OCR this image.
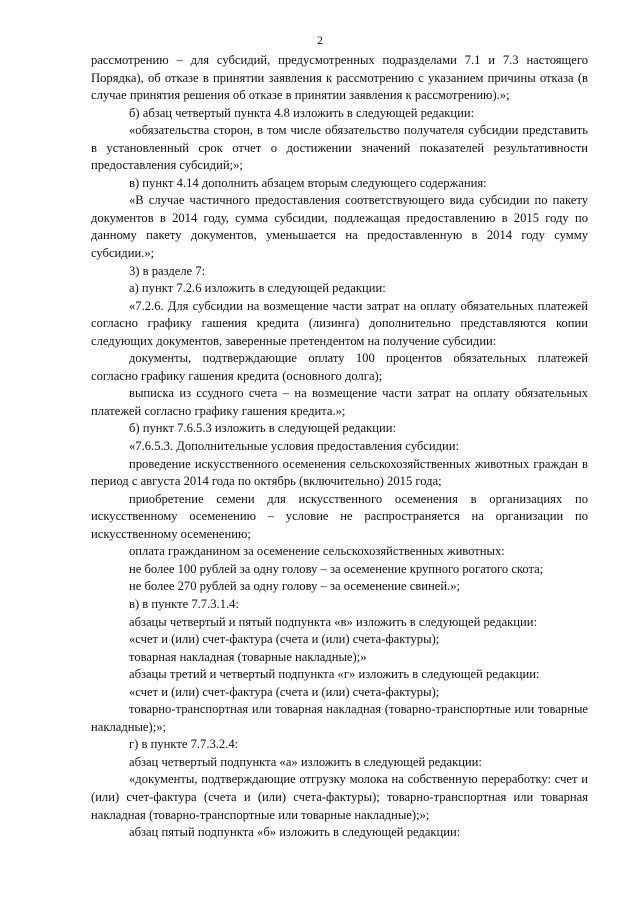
2

рассмотрению – для субсидий, предусмотренных подразделами 7.1 и 7.3 настоящего Порядка), об отказе в принятии заявления к рассмотрению с указанием причины отказа (в случае принятия решения об отказе в принятии заявления к рассмотрению).»;

б) абзац четвертый пункта 4.8 изложить в следующей редакции:

«обязательства сторон, в том числе обязательство получателя субсидии представить в установленный срок отчет о достижении значений показателей результативности предоставления субсидий;»;

в) пункт 4.14 дополнить абзацем вторым следующего содержания:

«В случае частичного предоставления соответствующего вида субсидии по пакету документов в 2014 году, сумма субсидии, подлежащая предоставлению в 2015 году по данному пакету документов, уменьшается на предоставленную в 2014 году сумму субсидии.»;

3) в разделе 7:

а) пункт 7.2.6 изложить в следующей редакции:

«7.2.6. Для субсидии на возмещение части затрат на оплату обязательных платежей согласно графику гашения кредита (лизинга) дополнительно представляются копии следующих документов, заверенные претендентом на получение субсидии:

документы, подтверждающие оплату 100 процентов обязательных платежей согласно графику гашения кредита (основного долга);

выписка из ссудного счета – на возмещение части затрат на оплату обязательных платежей согласно графику гашения кредита.»;

б) пункт 7.6.5.3 изложить в следующей редакции:

«7.6.5.3. Дополнительные условия предоставления субсидии:

проведение искусственного осеменения сельскохозяйственных животных граждан в период с августа 2014 года по октябрь (включительно) 2015 года;

приобретение семени для искусственного осеменения в организациях по искусственному осеменению – условие не распространяется на организации по искусственному осеменению;

оплата гражданином за осеменение сельскохозяйственных животных:

не более 100 рублей за одну голову – за осеменение крупного рогатого скота;

не более 270 рублей за одну голову – за осеменение свиней.»;

в) в пункте 7.7.3.1.4:

абзацы четвертый и пятый подпункта «в» изложить в следующей редакции:

«счет и (или) счет-фактура (счета и (или) счета-фактуры);

товарная накладная (товарные накладные);»

абзацы третий и четвертый подпункта «г» изложить в следующей редакции:

«счет и (или) счет-фактура (счета и (или) счета-фактуры);

товарно-транспортная или товарная накладная (товарно-транспортные или товарные накладные);»;

г) в пункте 7.7.3.2.4:

абзац четвертый подпункта «а» изложить в следующей редакции:

«документы, подтверждающие отгрузку молока на собственную переработку: счет и (или) счет-фактура (счета и (или) счета-фактуры); товарно-транспортная или товарная накладная (товарно-транспортные или товарные накладные);»;

абзац пятый подпункта «б» изложить в следующей редакции:
